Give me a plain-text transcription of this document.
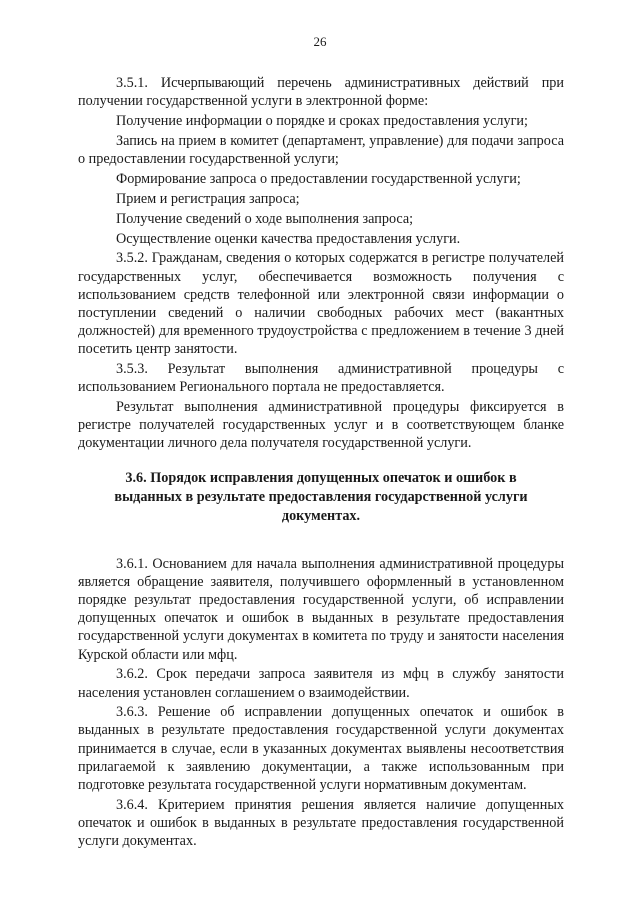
26

3.5.1. Исчерпывающий перечень административных действий при получении государственной услуги в электронной форме:

Получение информации о порядке и сроках предоставления услуги;

Запись на прием в комитет (департамент, управление) для подачи запроса о предоставлении государственной услуги;

Формирование запроса о предоставлении государственной услуги;

Прием и регистрация запроса;

Получение сведений о ходе выполнения запроса;

Осуществление оценки качества предоставления услуги.

3.5.2. Гражданам, сведения о которых содержатся в регистре получателей государственных услуг, обеспечивается возможность получения с использованием средств телефонной или электронной связи информации о поступлении сведений о наличии свободных рабочих мест (вакантных должностей) для временного трудоустройства с предложением в течение 3 дней посетить центр занятости.

3.5.3. Результат выполнения административной процедуры с использованием Регионального портала не предоставляется.

Результат выполнения административной процедуры фиксируется в регистре получателей государственных услуг и в соответствующем бланке документации личного дела получателя государственной услуги.

3.6. Порядок исправления допущенных опечаток и ошибок в выданных в результате предоставления государственной услуги документах.

3.6.1. Основанием для начала выполнения административной процедуры является обращение заявителя, получившего оформленный в установленном порядке результат предоставления государственной услуги, об исправлении допущенных опечаток и ошибок в выданных в результате предоставления государственной услуги документах в комитета по труду и занятости населения Курской области или мфц.

3.6.2. Срок передачи запроса заявителя из мфц в службу занятости населения установлен соглашением о взаимодействии.

3.6.3. Решение об исправлении допущенных опечаток и ошибок в выданных в результате предоставления государственной услуги документах принимается в случае, если в указанных документах выявлены несоответствия прилагаемой к заявлению документации, а также использованным при подготовке результата государственной услуги нормативным документам.

3.6.4. Критерием принятия решения является наличие допущенных опечаток и ошибок в выданных в результате предоставления государственной услуги документах.
